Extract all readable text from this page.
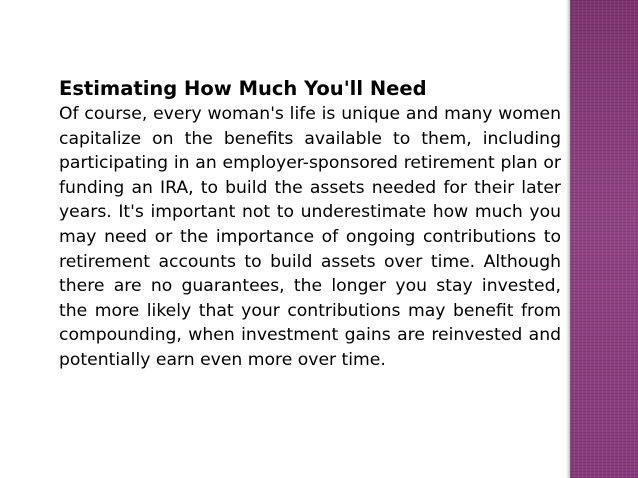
Estimating How Much You'll Need

Of course, every woman's life is unique and many women capitalize on the benefits available to them, including participating in an employer-sponsored retirement plan or funding an IRA, to build the assets needed for their later years. It's important not to underestimate how much you may need or the importance of ongoing contributions to retirement accounts to build assets over time. Although there are no guarantees, the longer you stay invested, the more likely that your contributions may benefit from compounding, when investment gains are reinvested and potentially earn even more over time.
